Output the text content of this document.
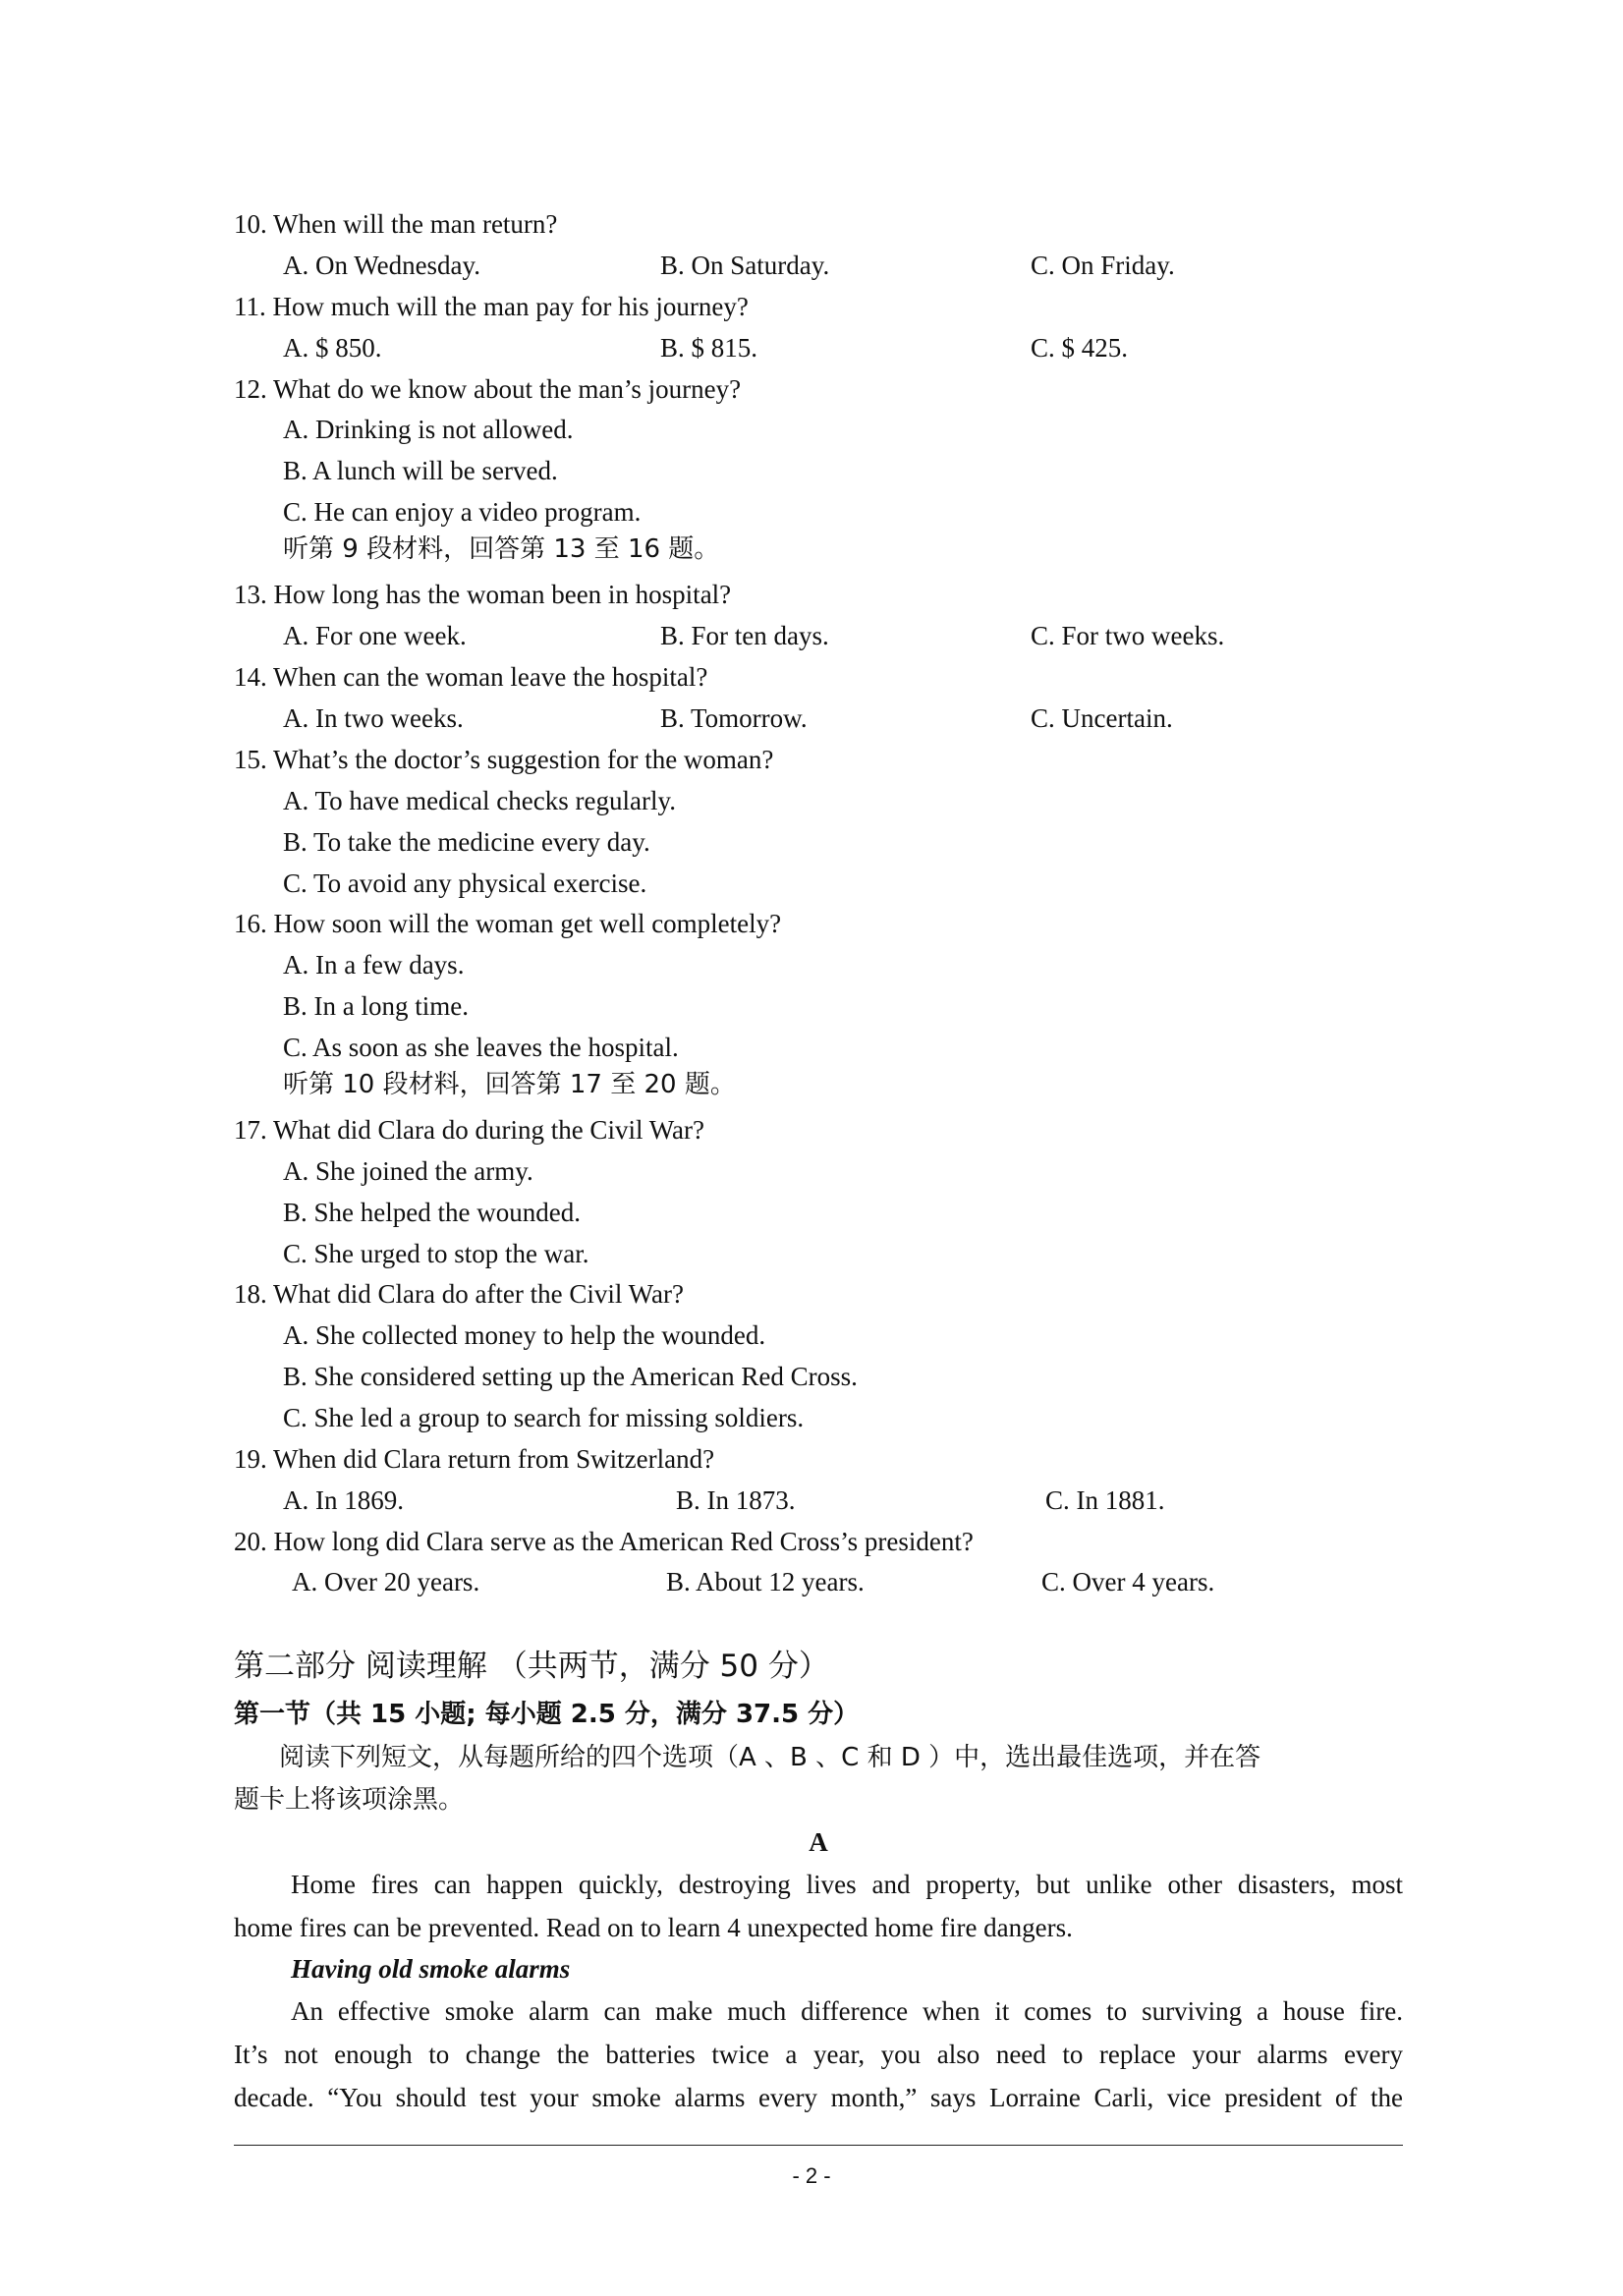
10. When will the man return?
A. On Wednesday.	B. On Saturday.	C. On Friday.
11. How much will the man pay for his journey?
A. $ 850.	B. $ 815.	C. $ 425.
12. What do we know about the man’s journey?
A. Drinking is not allowed.
B. A lunch will be served.
C. He can enjoy a video program.
听第 9 段材料，回答第 13 至 16 题。
13. How long has the woman been in hospital?
A. For one week.	B. For ten days.	C. For two weeks.
14. When can the woman leave the hospital?
A. In two weeks.	B. Tomorrow.	C. Uncertain.
15. What’s the doctor’s suggestion for the woman?
A. To have medical checks regularly.
B. To take the medicine every day.
C. To avoid any physical exercise.
16. How soon will the woman get well completely?
A. In a few days.
B. In a long time.
C. As soon as she leaves the hospital.
听第 10 段材料，回答第 17 至 20 题。
17. What did Clara do during the Civil War?
A. She joined the army.
B. She helped the wounded.
C. She urged to stop the war.
18. What did Clara do after the Civil War?
A. She collected money to help the wounded.
B. She considered setting up the American Red Cross.
C. She led a group to search for missing soldiers.
19. When did Clara return from Switzerland?
A. In 1869.	B. In 1873.	C. In 1881.
20. How long did Clara serve as the American Red Cross’s president?
A. Over 20 years.	B. About 12 years.	C. Over 4 years.
第二部分 阅读理解 （共两节，满分 50 分）
第一节（共 15 小题; 每小题 2.5 分，满分 37.5 分）
阅读下列短文，从每题所给的四个选项（A 、B 、C 和 D ）中，选出最佳选项，并在答
题卡上将该项涂黑。
A
Home fires can happen quickly, destroying lives and property, but unlike other disasters, most
home fires can be prevented. Read on to learn 4 unexpected home fire dangers.
Having old smoke alarms
An effective smoke alarm can make much difference when it comes to surviving a house fire.
It’s not enough to change the batteries twice a year, you also need to replace your alarms every
decade. “You should test your smoke alarms every month,” says Lorraine Carli, vice president of the
- 2 -
